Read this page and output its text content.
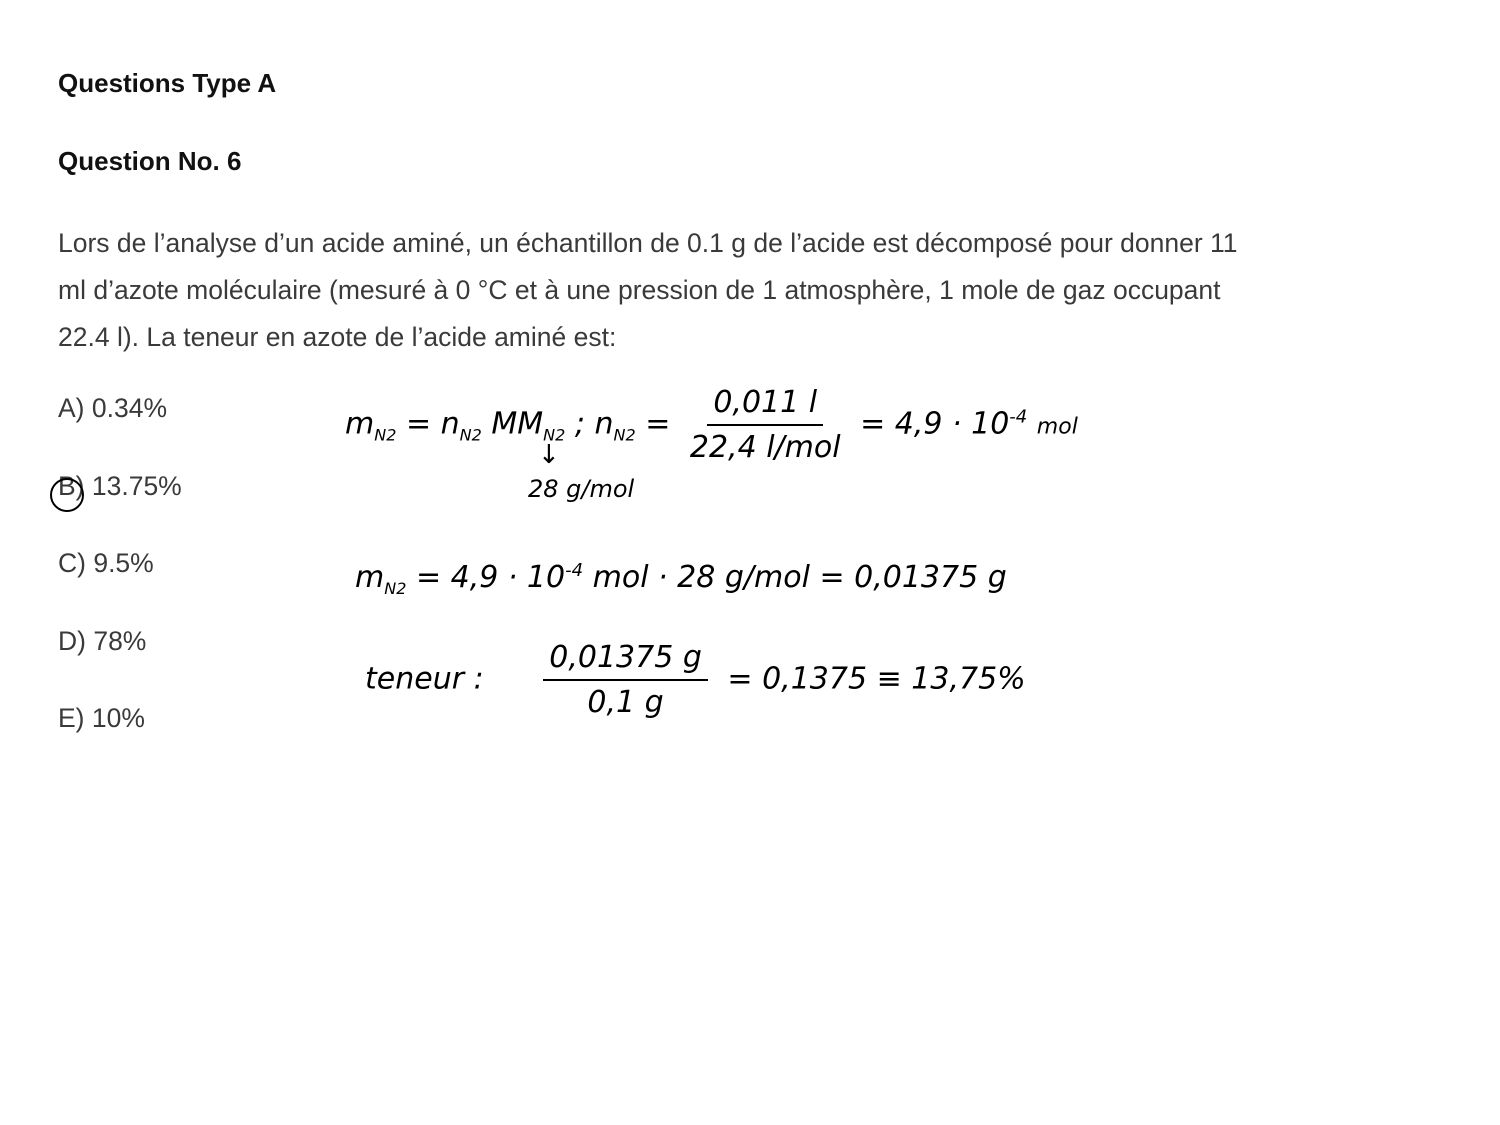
Questions Type A
Question No. 6
Lors de l’analyse d’un acide aminé, un échantillon de 0.1 g de l’acide est décomposé pour donner 11
ml d’azote moléculaire (mesuré à 0 °C et à une pression de 1 atmosphère, 1 mole de gaz occupant
22.4 l). La teneur en azote de l’acide aminé est:
A) 0.34%
B) 13.75%
C) 9.5%
D) 78%
E) 10%
$m_{N2} = n_{N2}$ $MM_{N2}$ ; $n_{N2} = \frac{0,011 l}{\text{22,4 l/mol}} = 4,9 \cdot 10^{-4}$ mol
↓
28 g/mol
$m_{N2} = 4,9 \cdot 10^{-4}$ mol · 28 g/mol = 0,01375 g
teneur : $\frac{0,01375 g}{0,1 g} = 0,1375 \equiv 13,75\%$
